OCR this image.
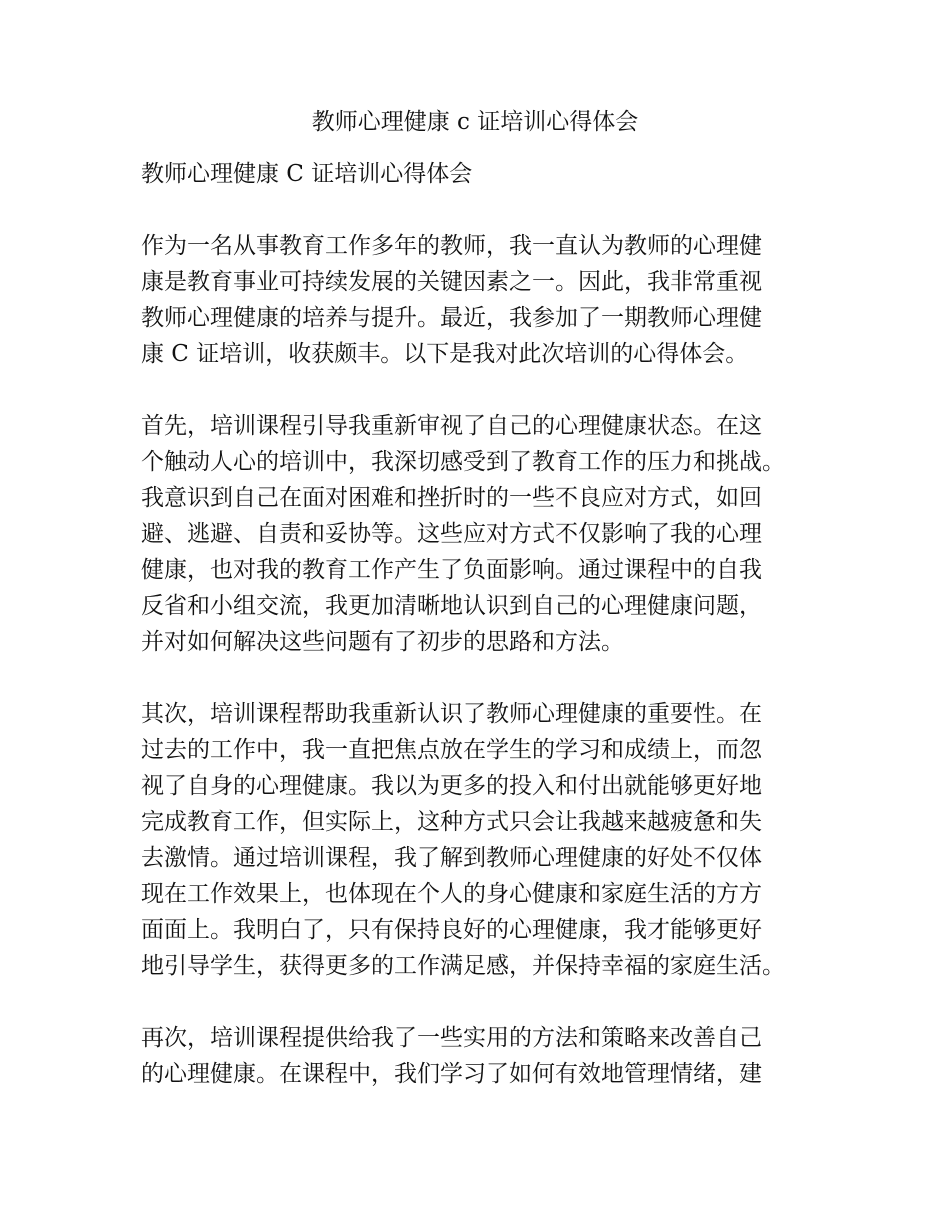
教师心理健康 c 证培训心得体会

教师心理健康 C 证培训心得体会

作为一名从事教育工作多年的教师，我一直认为教师的心理健
康是教育事业可持续发展的关键因素之一。因此，我非常重视
教师心理健康的培养与提升。最近，我参加了一期教师心理健
康 C 证培训，收获颇丰。以下是我对此次培训的心得体会。

首先，培训课程引导我重新审视了自己的心理健康状态。在这
个触动人心的培训中，我深切感受到了教育工作的压力和挑战。
我意识到自己在面对困难和挫折时的一些不良应对方式，如回
避、逃避、自责和妥协等。这些应对方式不仅影响了我的心理
健康，也对我的教育工作产生了负面影响。通过课程中的自我
反省和小组交流，我更加清晰地认识到自己的心理健康问题，
并对如何解决这些问题有了初步的思路和方法。

其次，培训课程帮助我重新认识了教师心理健康的重要性。在
过去的工作中，我一直把焦点放在学生的学习和成绩上，而忽
视了自身的心理健康。我以为更多的投入和付出就能够更好地
完成教育工作，但实际上，这种方式只会让我越来越疲惫和失
去激情。通过培训课程，我了解到教师心理健康的好处不仅体
现在工作效果上，也体现在个人的身心健康和家庭生活的方方
面面上。我明白了，只有保持良好的心理健康，我才能够更好
地引导学生，获得更多的工作满足感，并保持幸福的家庭生活。

再次，培训课程提供给我了一些实用的方法和策略来改善自己
的心理健康。在课程中，我们学习了如何有效地管理情绪，建
